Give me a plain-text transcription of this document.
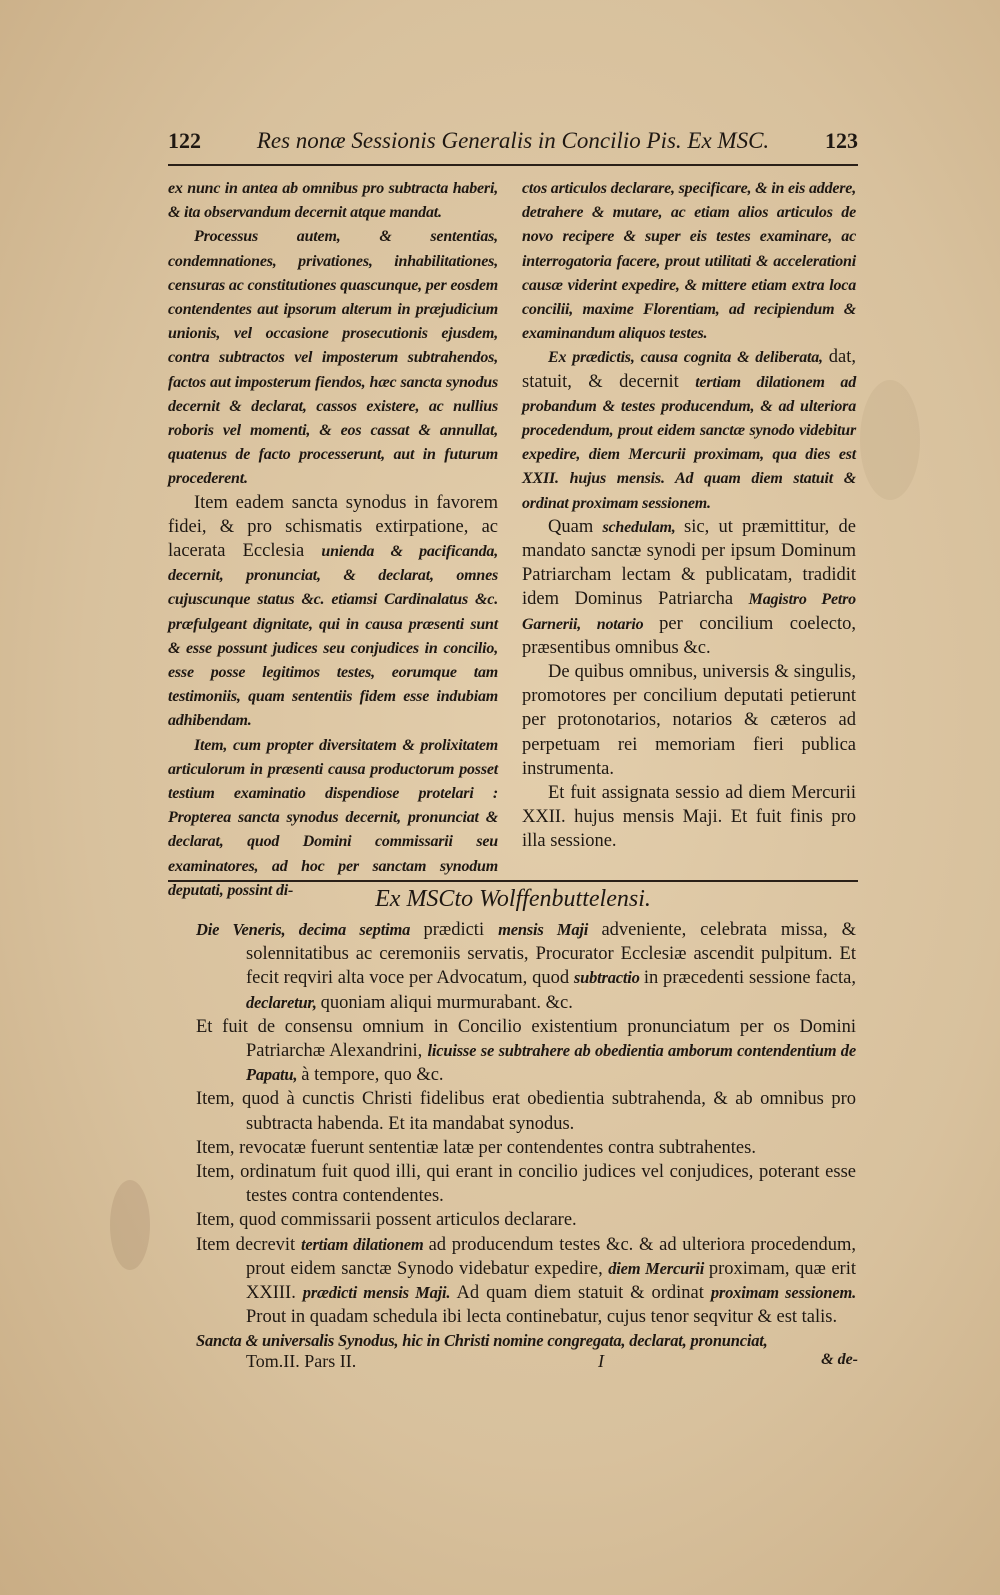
122	Res nonæ Sessionis Generalis in Concilio Pis. Ex MSC.	123

ex nunc in antea ab omnibus pro subtracta haberi, & ita observandum decernit atque mandat.

Processus autem, & sententias, condemnationes, privationes, inhabilitationes, censuras ac constitutiones quascunque, per eosdem contendentes aut ipsorum alterum in præjudicium unionis, vel occasione prosecutionis ejusdem, contra subtractos vel imposterum subtrahendos, factos aut imposterum fiendos, hæc sancta synodus decernit & declarat, cassos existere, ac nullius roboris vel momenti, & eos cassat & annullat, quatenus de facto processerunt, aut in futurum procederent.

Item eadem sancta synodus in favorem fidei, & pro schismatis extirpatione, ac lacerata Ecclesia unienda & pacificanda, decernit, pronunciat, & declarat, omnes cujuscunque status &c. etiamsi Cardinalatus &c. præfulgeant dignitate, qui in causa præsenti sunt & esse possunt judices seu conjudices in concilio, esse posse legitimos testes, eorumque tam testimoniis, quam sententiis fidem esse indubiam adhibendam.

Item, cum propter diversitatem & prolixitatem articulorum in præsenti causa productorum posset testium examinatio dispendiose protelari : Propterea sancta synodus decernit, pronunciat & declarat, quod Domini commissarii seu examinatores, ad hoc per sanctam synodum deputati, possint di-

ctos articulos declarare, specificare, & in eis addere, detrahere & mutare, ac etiam alios articulos de novo recipere & super eis testes examinare, ac interrogatoria facere, prout utilitati & accelerationi causæ viderint expedire, & mittere etiam extra loca concilii, maxime Florentiam, ad recipiendum & examinandum aliquos testes.

Ex prædictis, causa cognita & deliberata, dat, statuit, & decernit tertiam dilationem ad probandum & testes producendum, & ad ulteriora procedendum, prout eidem sanctæ synodo videbitur expedire, diem Mercurii proximam, qua dies est XXII. hujus mensis. Ad quam diem statuit & ordinat proximam sessionem.

Quam schedulam, sic, ut præmittitur, de mandato sanctæ synodi per ipsum Dominum Patriarcham lectam & publicatam, tradidit idem Dominus Patriarcha Magistro Petro Garnerii, notario per concilium coelecto, præsentibus omnibus &c.

De quibus omnibus, universis & singulis, promotores per concilium deputati petierunt per protonotarios, notarios & cæteros ad perpetuam rei memoriam fieri publica instrumenta.

Et fuit assignata sessio ad diem Mercurii XXII. hujus mensis Maji. Et fuit finis pro illa sessione.

Ex MSCto Wolffenbuttelensi.

Die Veneris, decima septima prædicti mensis Maji adveniente, celebrata missa, & solennitatibus ac ceremoniis servatis, Procurator Ecclesiæ ascendit pulpitum. Et fecit reqviri alta voce per Advocatum, quod subtractio in præcedenti sessione facta, declaretur, quoniam aliqui murmurabant. &c.

Et fuit de consensu omnium in Concilio existentium pronunciatum per os Domini Patriarchæ Alexandrini, licuisse se subtrahere ab obedientia amborum contendentium de Papatu, à tempore, quo &c.

Item, quod à cunctis Christi fidelibus erat obedientia subtrahenda, & ab omnibus pro subtracta habenda. Et ita mandabat synodus.

Item, revocatæ fuerunt sententiæ latæ per contendentes contra subtrahentes.

Item, ordinatum fuit quod illi, qui erant in concilio judices vel conjudices, poterant esse testes contra contendentes.

Item, quod commissarii possent articulos declarare.

Item decrevit tertiam dilationem ad producendum testes &c. & ad ulteriora procedendum, prout eidem sanctæ Synodo videbatur expedire, diem Mercurii proximam, quæ erit XXIII. prædicti mensis Maji. Ad quam diem statuit & ordinat proximam sessionem. Prout in quadam schedula ibi lecta continebatur, cujus tenor seqvitur & est talis.

Sancta & universalis Synodus, hic in Christi nomine congregata, declarat, pronunciat,

Tom.II. Pars II.	I	& de-
